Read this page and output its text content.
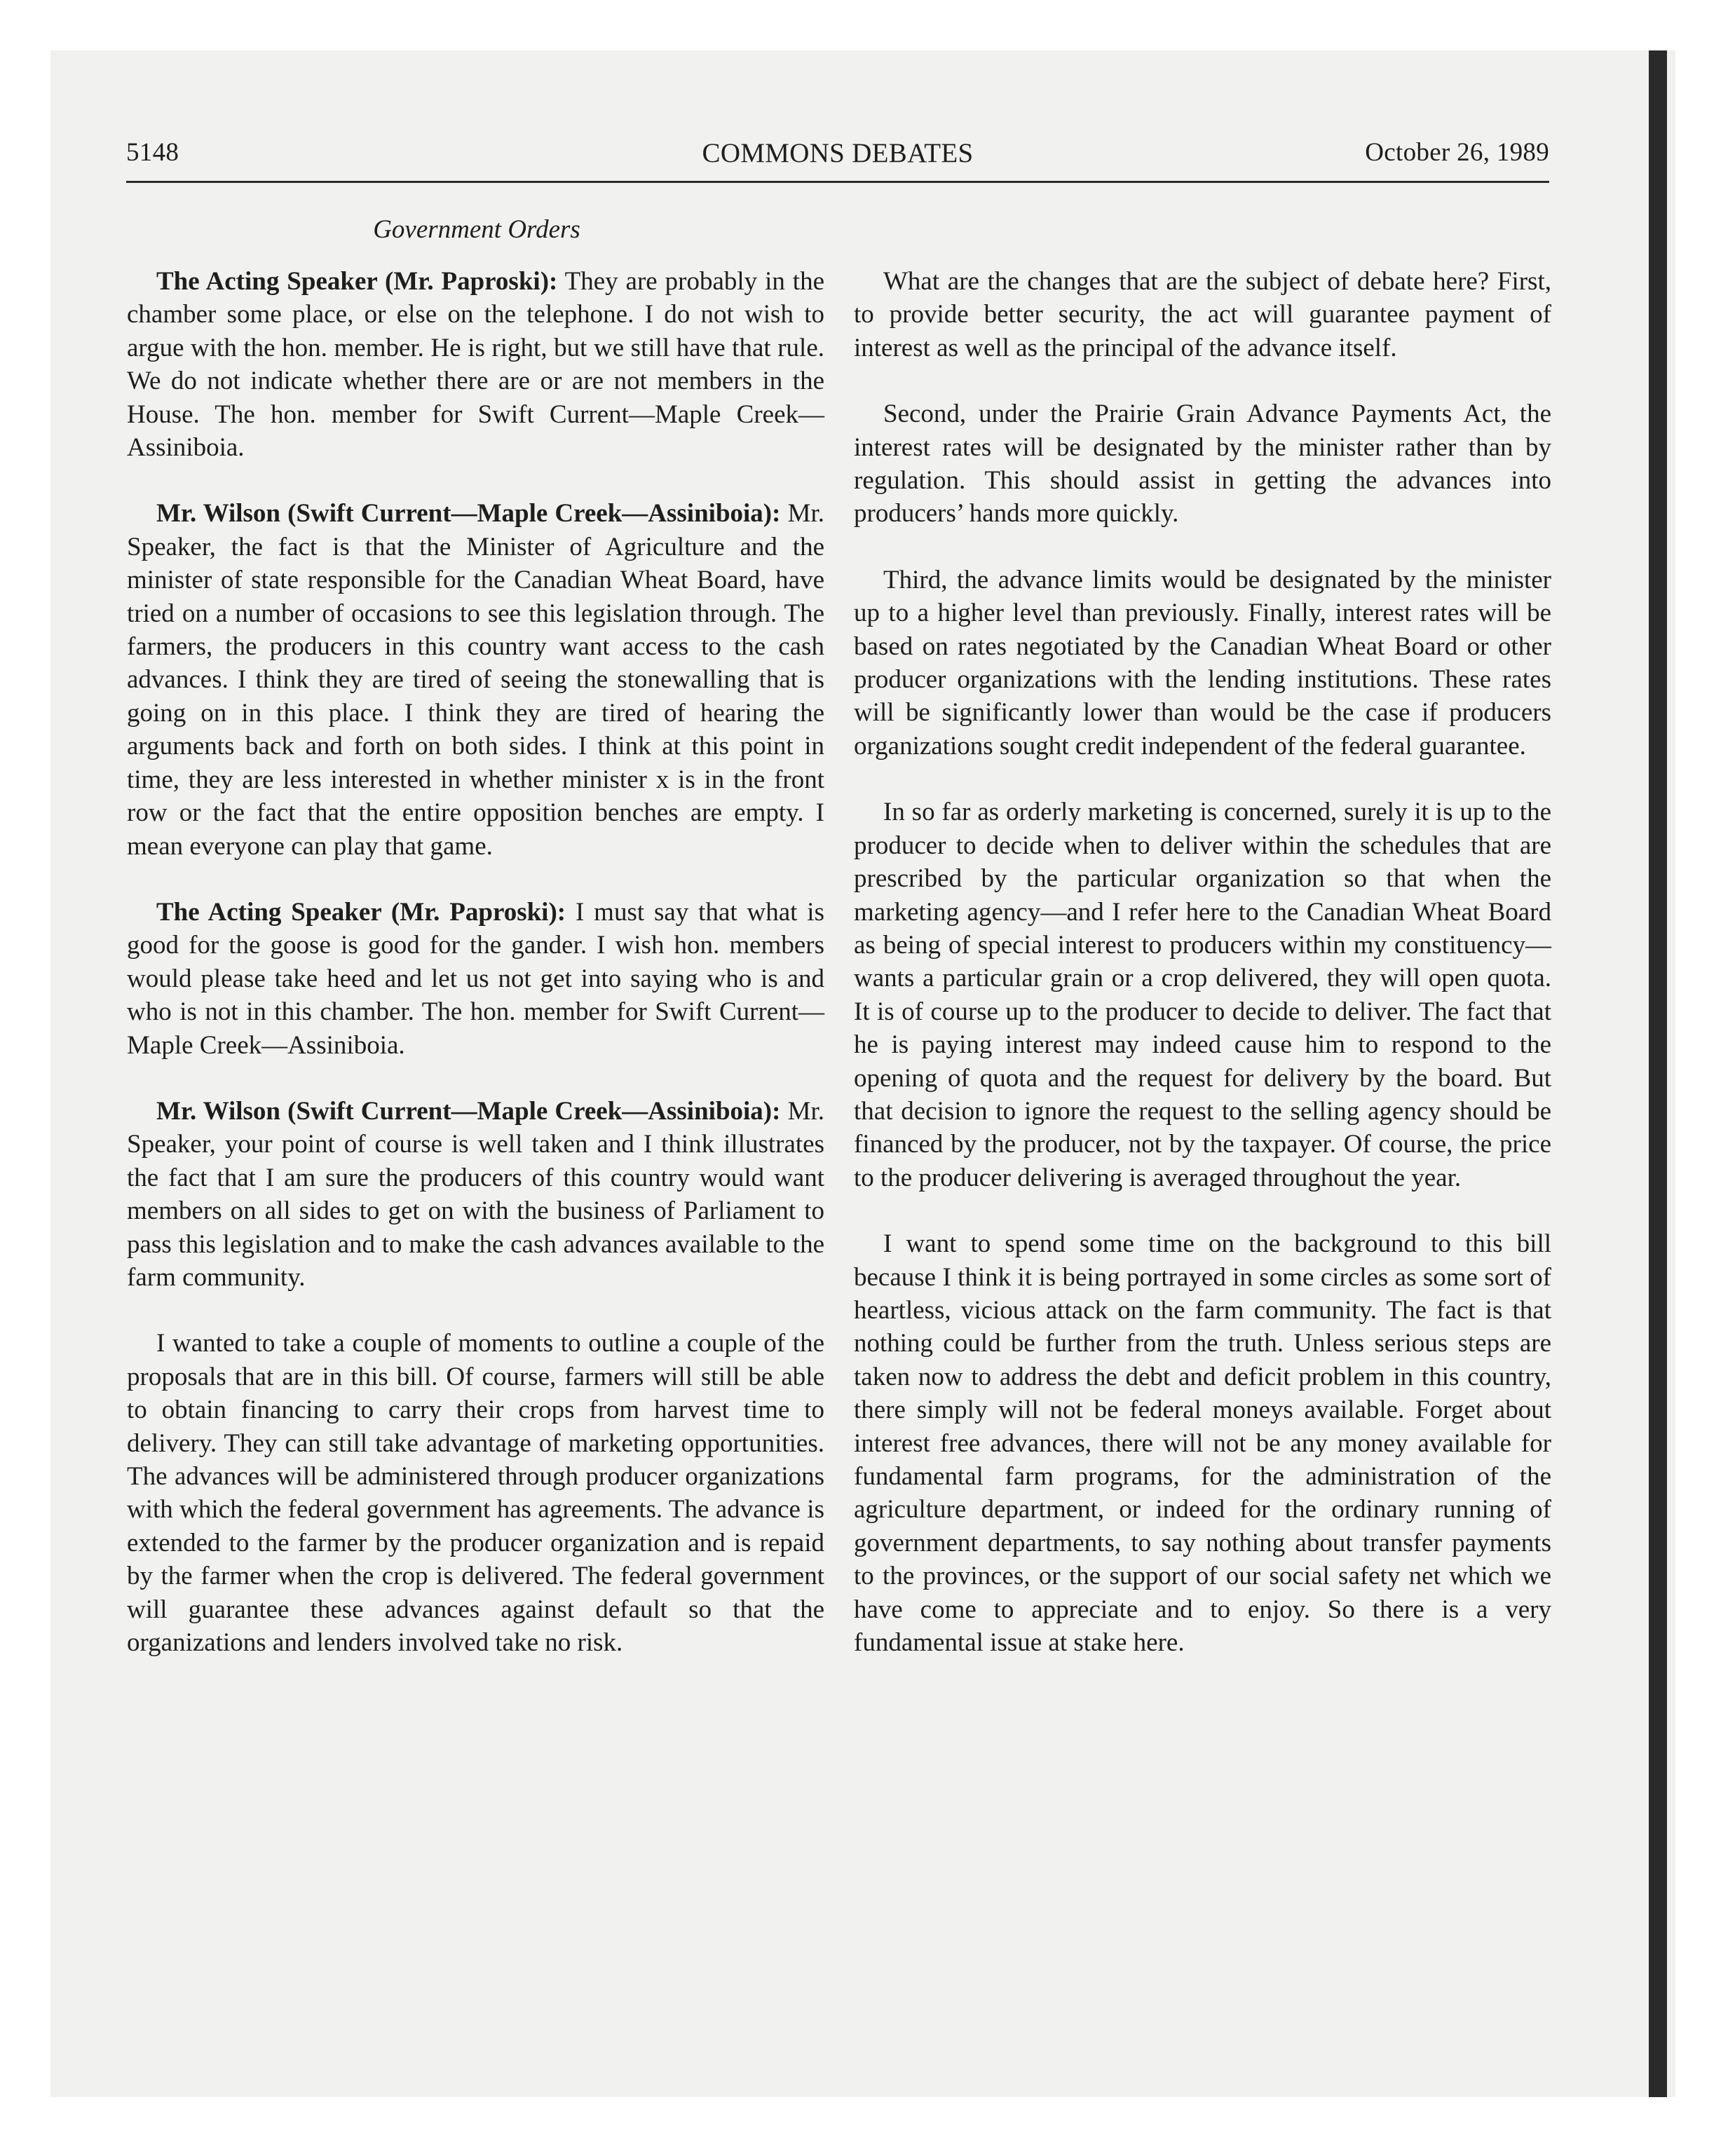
5148	COMMONS DEBATES	October 26, 1989
Government Orders

The Acting Speaker (Mr. Paproski): They are probably in the chamber some place, or else on the telephone. I do not wish to argue with the hon. member. He is right, but we still have that rule. We do not indicate whether there are or are not members in the House. The hon. member for Swift Current—Maple Creek—Assiniboia.

Mr. Wilson (Swift Current—Maple Creek—Assiniboia): Mr. Speaker, the fact is that the Minister of Agriculture and the minister of state responsible for the Canadian Wheat Board, have tried on a number of occasions to see this legislation through. The farmers, the producers in this country want access to the cash advances. I think they are tired of seeing the stonewalling that is going on in this place. I think they are tired of hearing the arguments back and forth on both sides. I think at this point in time, they are less interested in whether minister x is in the front row or the fact that the entire opposition benches are empty. I mean everyone can play that game.

The Acting Speaker (Mr. Paproski): I must say that what is good for the goose is good for the gander. I wish hon. members would please take heed and let us not get into saying who is and who is not in this chamber. The hon. member for Swift Current—Maple Creek—Assiniboia.

Mr. Wilson (Swift Current—Maple Creek—Assiniboia): Mr. Speaker, your point of course is well taken and I think illustrates the fact that I am sure the producers of this country would want members on all sides to get on with the business of Parliament to pass this legislation and to make the cash advances available to the farm community.

I wanted to take a couple of moments to outline a couple of the proposals that are in this bill. Of course, farmers will still be able to obtain financing to carry their crops from harvest time to delivery. They can still take advantage of marketing opportunities. The advances will be administered through producer organizations with which the federal government has agreements. The advance is extended to the farmer by the producer organization and is repaid by the farmer when the crop is delivered. The federal government will guarantee these advances against default so that the organizations and lenders involved take no risk.

What are the changes that are the subject of debate here? First, to provide better security, the act will guarantee payment of interest as well as the principal of the advance itself.

Second, under the Prairie Grain Advance Payments Act, the interest rates will be designated by the minister rather than by regulation. This should assist in getting the advances into producers’ hands more quickly.

Third, the advance limits would be designated by the minister up to a higher level than previously. Finally, interest rates will be based on rates negotiated by the Canadian Wheat Board or other producer organizations with the lending institutions. These rates will be significantly lower than would be the case if producers organizations sought credit independent of the federal guarantee.

In so far as orderly marketing is concerned, surely it is up to the producer to decide when to deliver within the schedules that are prescribed by the particular organization so that when the marketing agency—and I refer here to the Canadian Wheat Board as being of special interest to producers within my constituency—wants a particular grain or a crop delivered, they will open quota. It is of course up to the producer to decide to deliver. The fact that he is paying interest may indeed cause him to respond to the opening of quota and the request for delivery by the board. But that decision to ignore the request to the selling agency should be financed by the producer, not by the taxpayer. Of course, the price to the producer delivering is averaged throughout the year.

I want to spend some time on the background to this bill because I think it is being portrayed in some circles as some sort of heartless, vicious attack on the farm community. The fact is that nothing could be further from the truth. Unless serious steps are taken now to address the debt and deficit problem in this country, there simply will not be federal moneys available. Forget about interest free advances, there will not be any money available for fundamental farm programs, for the administration of the agriculture department, or indeed for the ordinary running of government departments, to say nothing about transfer payments to the provinces, or the support of our social safety net which we have come to appreciate and to enjoy. So there is a very fundamental issue at stake here.
